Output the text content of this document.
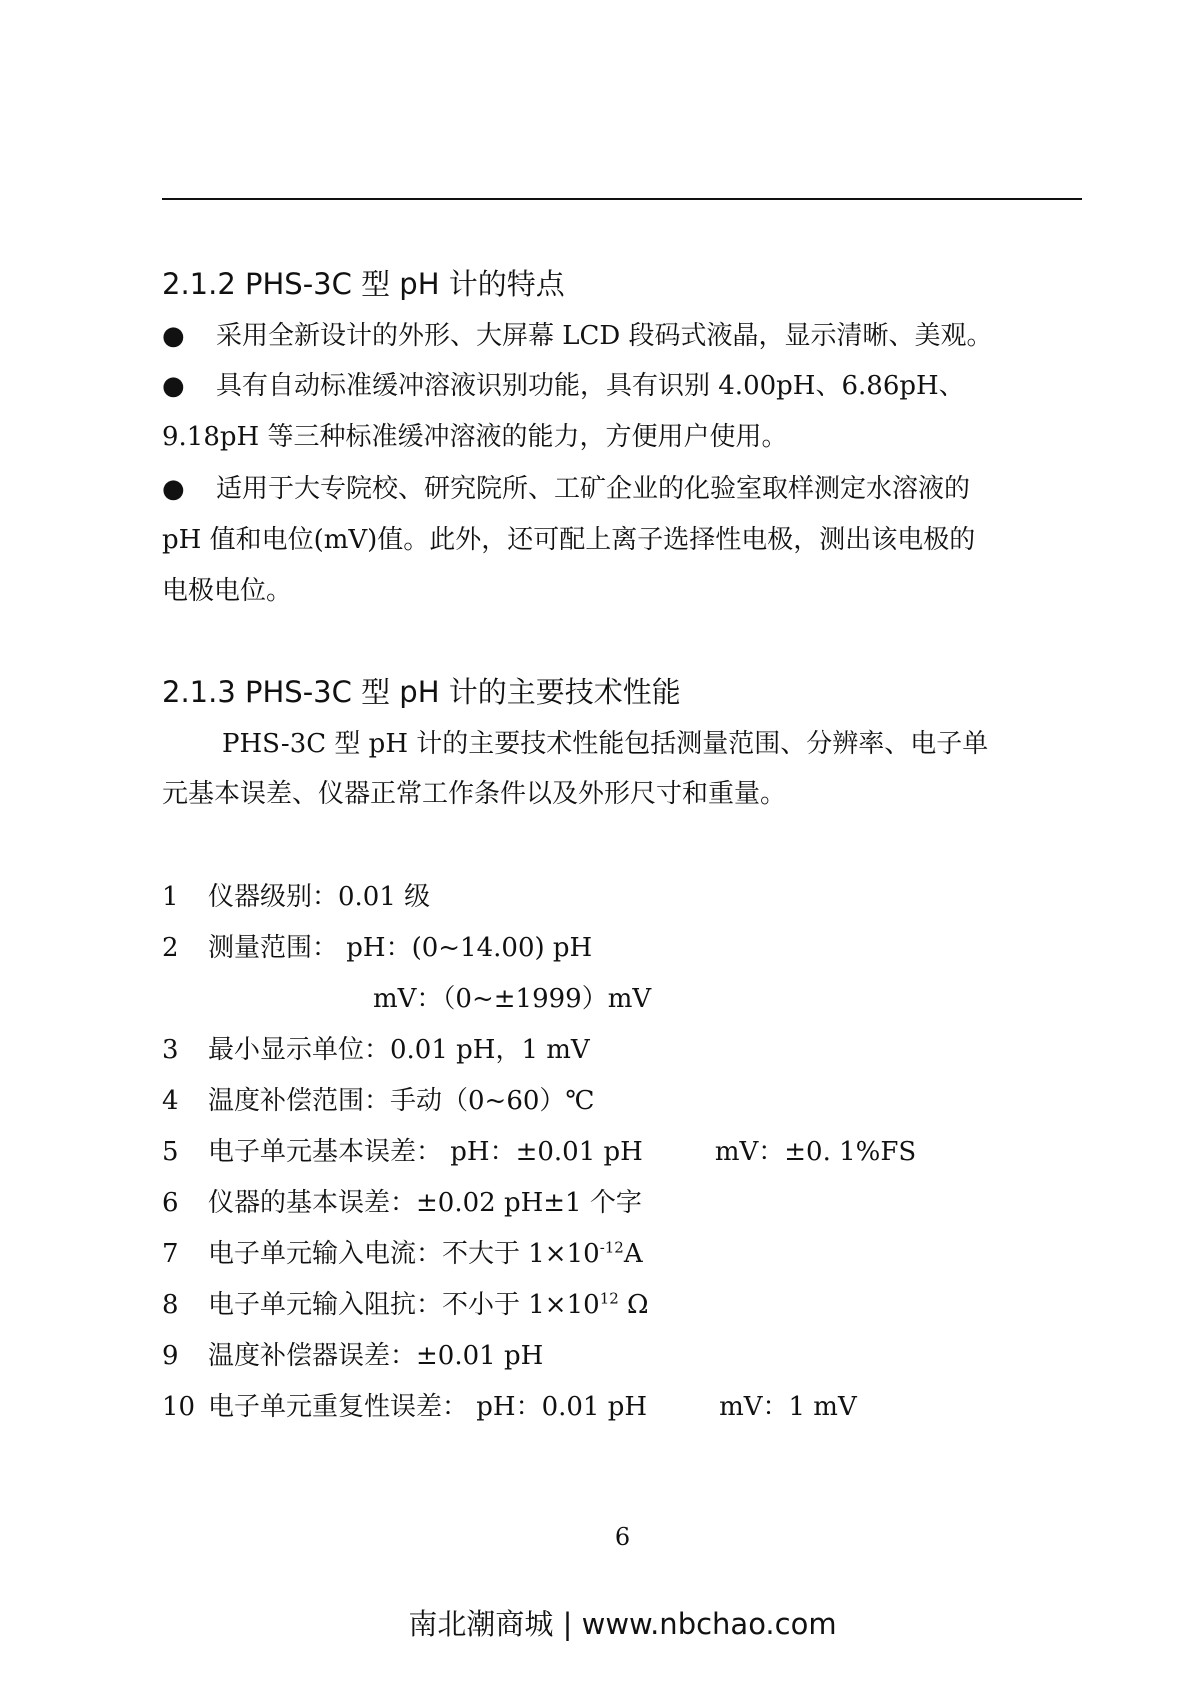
2.1.2 PHS-3C 型 pH 计的特点
● 采用全新设计的外形、大屏幕 LCD 段码式液晶，显示清晰、美观。
● 具有自动标准缓冲溶液识别功能，具有识别 4.00pH、6.86pH、
9.18pH 等三种标准缓冲溶液的能力，方便用户使用。
● 适用于大专院校、研究院所、工矿企业的化验室取样测定水溶液的
pH 值和电位(mV)值。此外，还可配上离子选择性电极，测出该电极的
电极电位。
2.1.3 PHS-3C 型 pH 计的主要技术性能
PHS-3C 型 pH 计的主要技术性能包括测量范围、分辨率、电子单
元基本误差、仪器正常工作条件以及外形尺寸和重量。
1 仪器级别：0.01 级
2 测量范围： pH：(0~14.00) pH
mV：（0~±1999）mV
3 最小显示单位：0.01 pH，1 mV
4 温度补偿范围：手动（0~60）℃
5 电子单元基本误差： pH：±0.01 pH	mV：±0. 1%FS
6 仪器的基本误差：±0.02 pH±1 个字
7 电子单元输入电流：不大于 $1\times 10^{-12}A$
8 电子单元输入阻抗：不小于 $1\times 10^{12}$ Ω
9 温度补偿器误差：±0.01 pH
10 电子单元重复性误差： pH：0.01 pH	mV：1 mV
6
南北潮商城 | www.nbchao.com
